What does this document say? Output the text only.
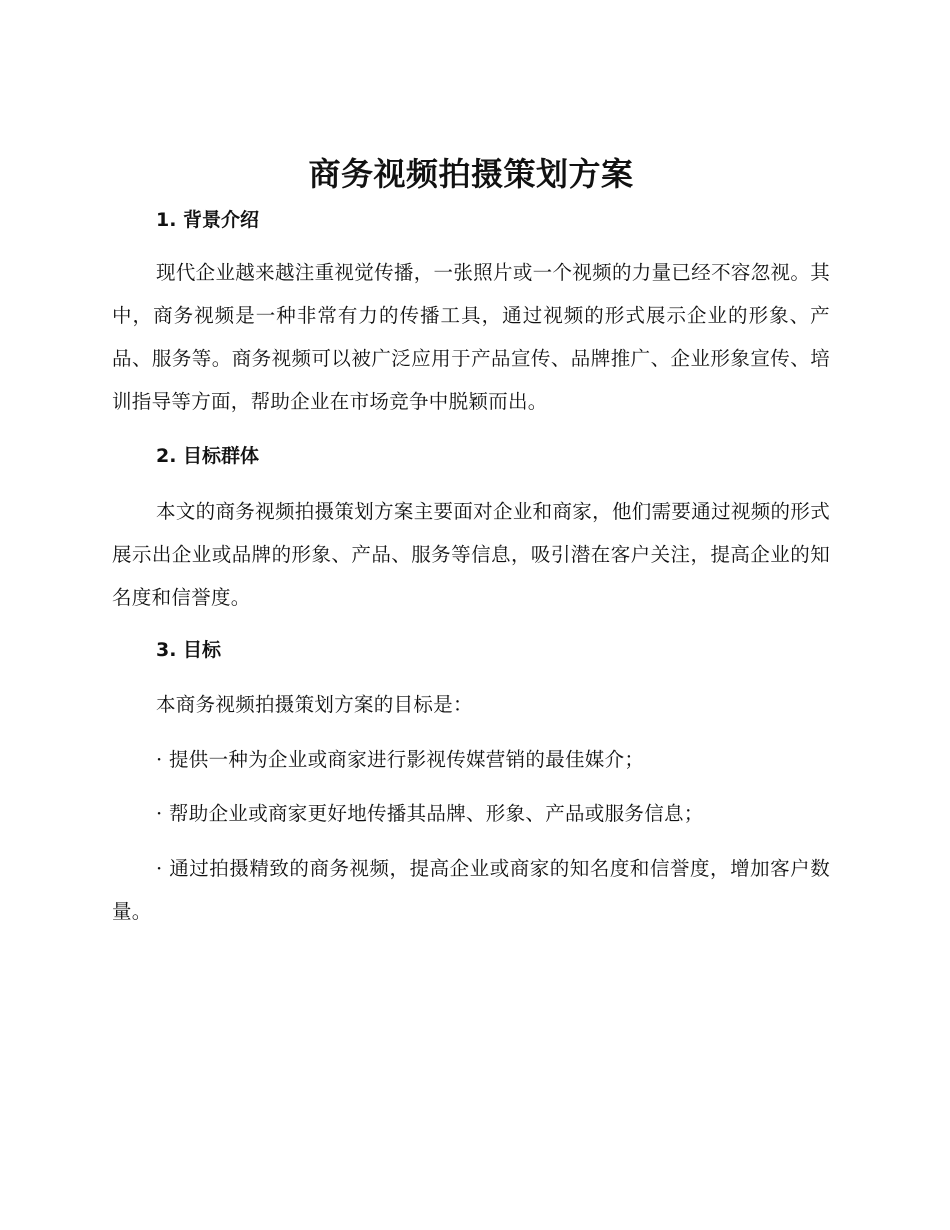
商务视频拍摄策划方案
1. 背景介绍

现代企业越来越注重视觉传播，一张照片或一个视频的力量已经不容忽视。其中，商务视频是一种非常有力的传播工具，通过视频的形式展示企业的形象、产品、服务等。商务视频可以被广泛应用于产品宣传、品牌推广、企业形象宣传、培训指导等方面，帮助企业在市场竞争中脱颖而出。

2. 目标群体

本文的商务视频拍摄策划方案主要面对企业和商家，他们需要通过视频的形式展示出企业或品牌的形象、产品、服务等信息，吸引潜在客户关注，提高企业的知名度和信誉度。

3. 目标

本商务视频拍摄策划方案的目标是：

· 提供一种为企业或商家进行影视传媒营销的最佳媒介；

· 帮助企业或商家更好地传播其品牌、形象、产品或服务信息；

· 通过拍摄精致的商务视频，提高企业或商家的知名度和信誉度，增加客户数量。
